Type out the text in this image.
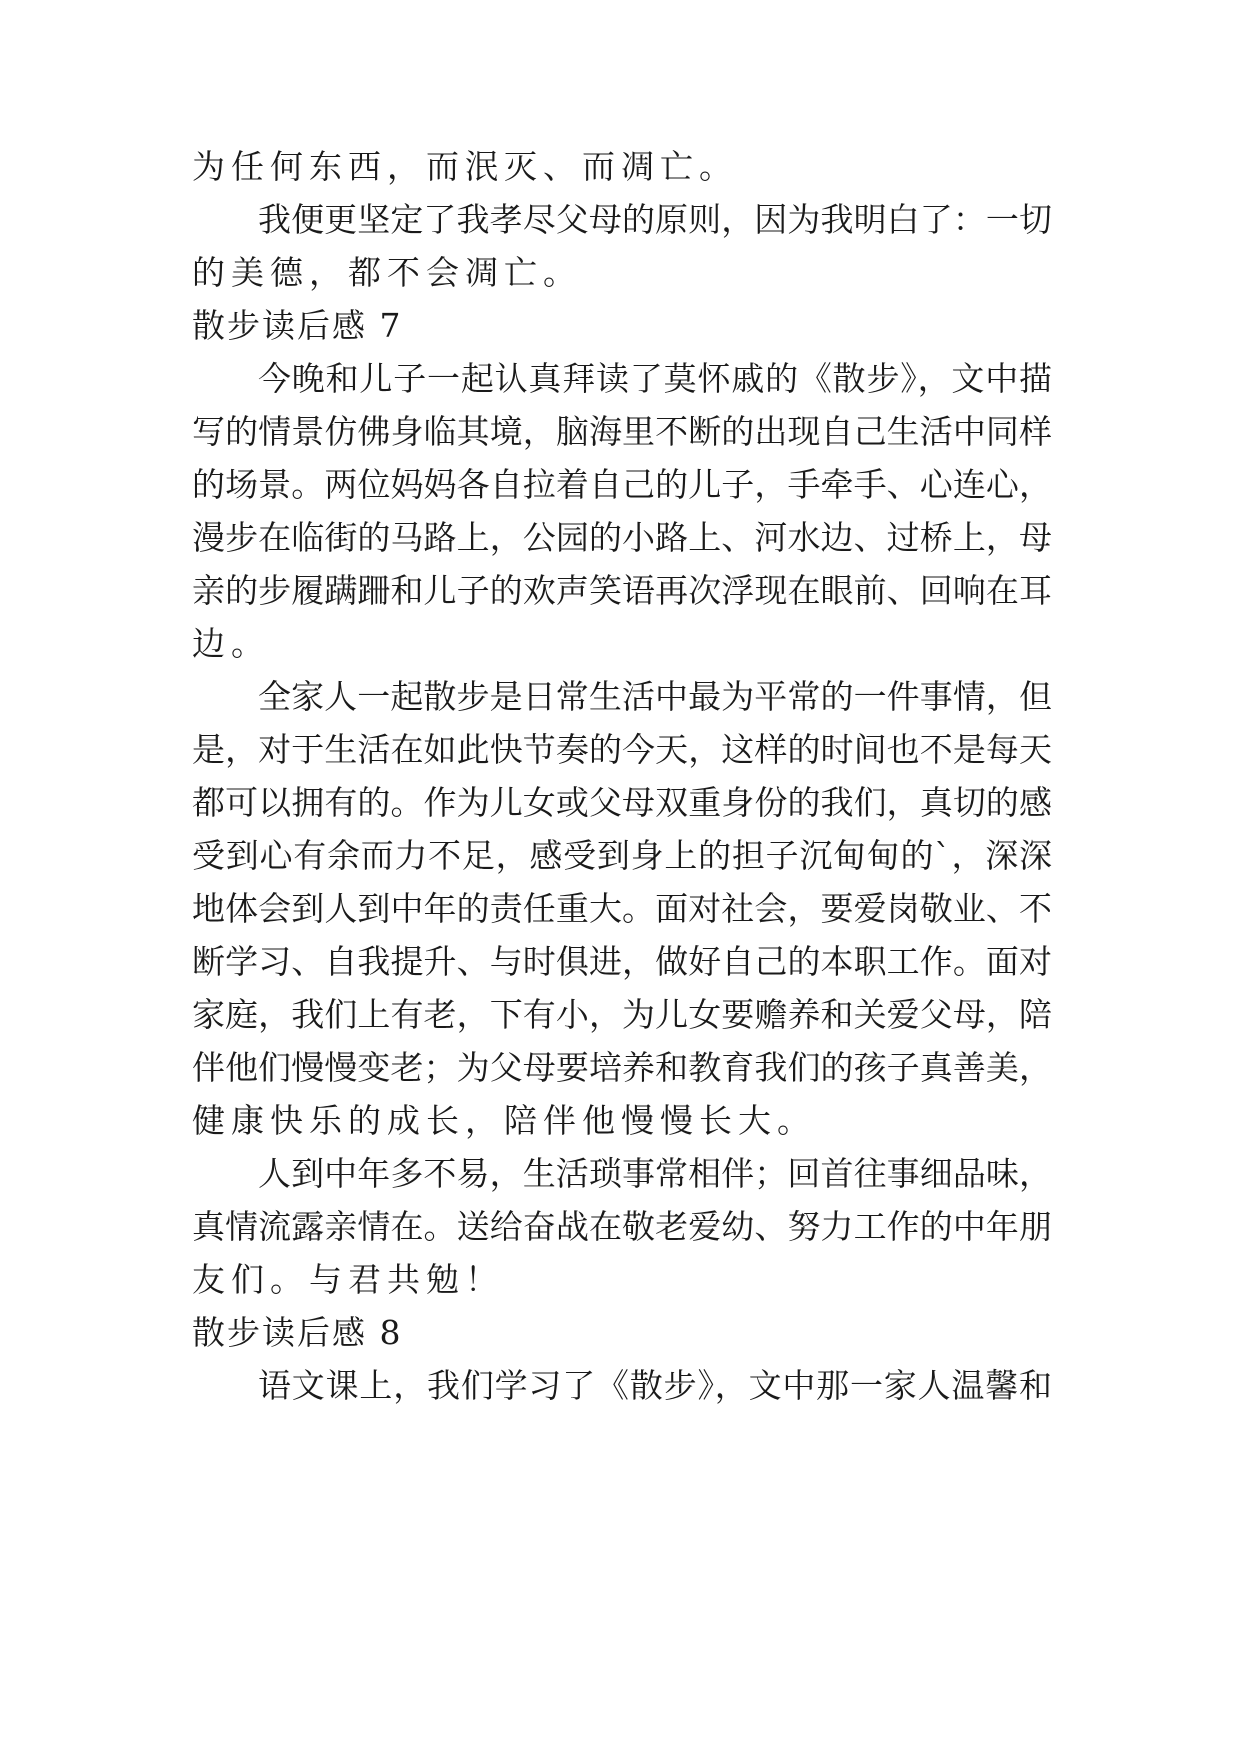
为任何东西，而泯灭、而凋亡。
我便更坚定了我孝尽父母的原则，因为我明白了：一切
的美德，都不会凋亡。
散步读后感 7
今晚和儿子一起认真拜读了莫怀戚的《散步》，文中描
写的情景仿佛身临其境，脑海里不断的出现自己生活中同样
的场景。两位妈妈各自拉着自己的儿子，手牵手、心连心，
漫步在临街的马路上，公园的小路上、河水边、过桥上，母
亲的步履蹒跚和儿子的欢声笑语再次浮现在眼前、回响在耳
边。
全家人一起散步是日常生活中最为平常的一件事情，但
是，对于生活在如此快节奏的今天，这样的时间也不是每天
都可以拥有的。作为儿女或父母双重身份的我们，真切的感
受到心有余而力不足，感受到身上的担子沉甸甸的`，深深
地体会到人到中年的责任重大。面对社会，要爱岗敬业、不
断学习、自我提升、与时俱进，做好自己的本职工作。面对
家庭，我们上有老，下有小，为儿女要赡养和关爱父母，陪
伴他们慢慢变老；为父母要培养和教育我们的孩子真善美，
健康快乐的成长，陪伴他慢慢长大。
人到中年多不易，生活琐事常相伴；回首往事细品味，
真情流露亲情在。送给奋战在敬老爱幼、努力工作的中年朋
友们。与君共勉！
散步读后感 8
语文课上，我们学习了《散步》，文中那一家人温馨和
